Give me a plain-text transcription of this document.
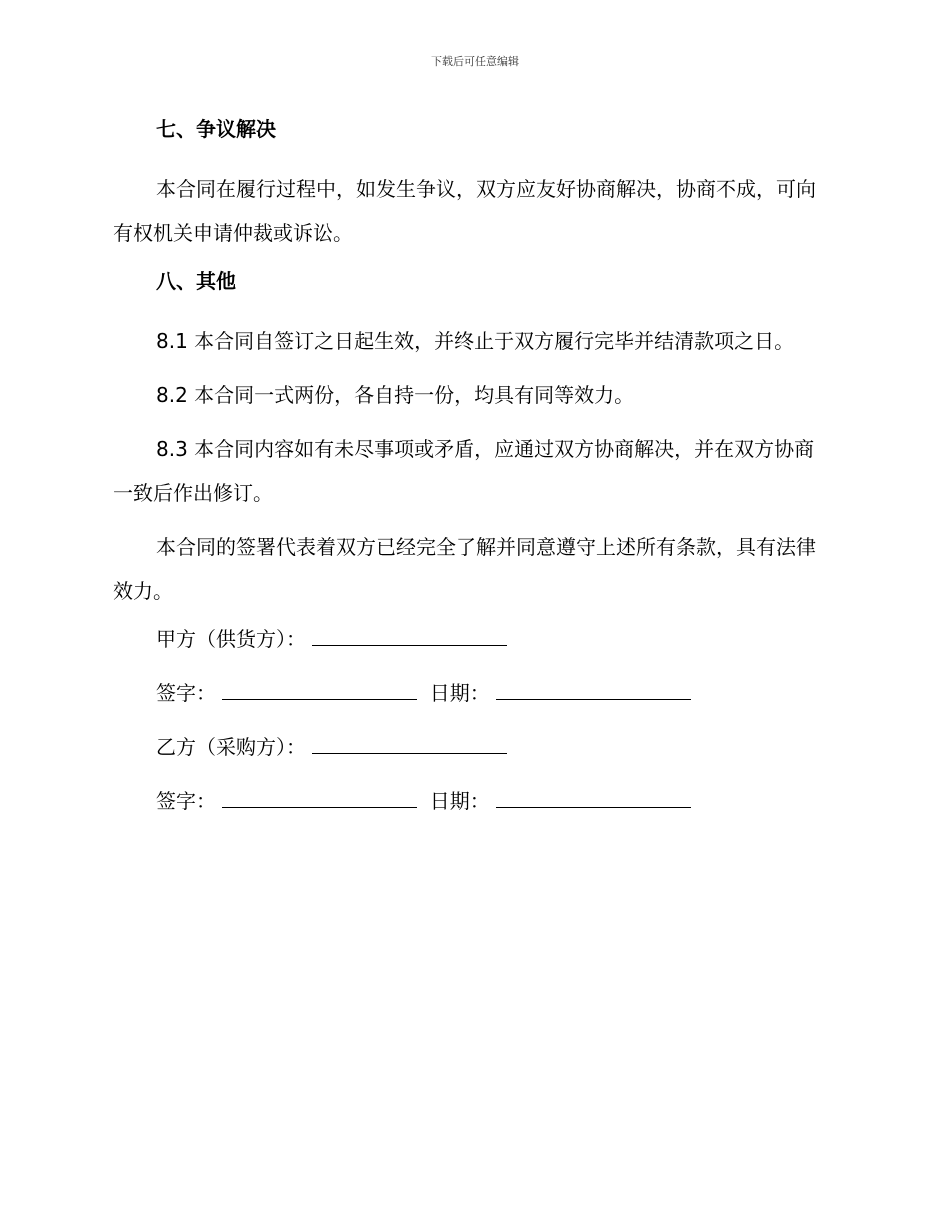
下载后可任意编辑
七、争议解决

本合同在履行过程中，如发生争议，双方应友好协商解决，协商不成，可向有权机关申请仲裁或诉讼。

八、其他

8.1 本合同自签订之日起生效，并终止于双方履行完毕并结清款项之日。

8.2 本合同一式两份，各自持一份，均具有同等效力。

8.3 本合同内容如有未尽事项或矛盾，应通过双方协商解决，并在双方协商一致后作出修订。

本合同的签署代表着双方已经完全了解并同意遵守上述所有条款，具有法律效力。

甲方（供货方）：
签字：	日期：
乙方（采购方）：
签字：	日期：
